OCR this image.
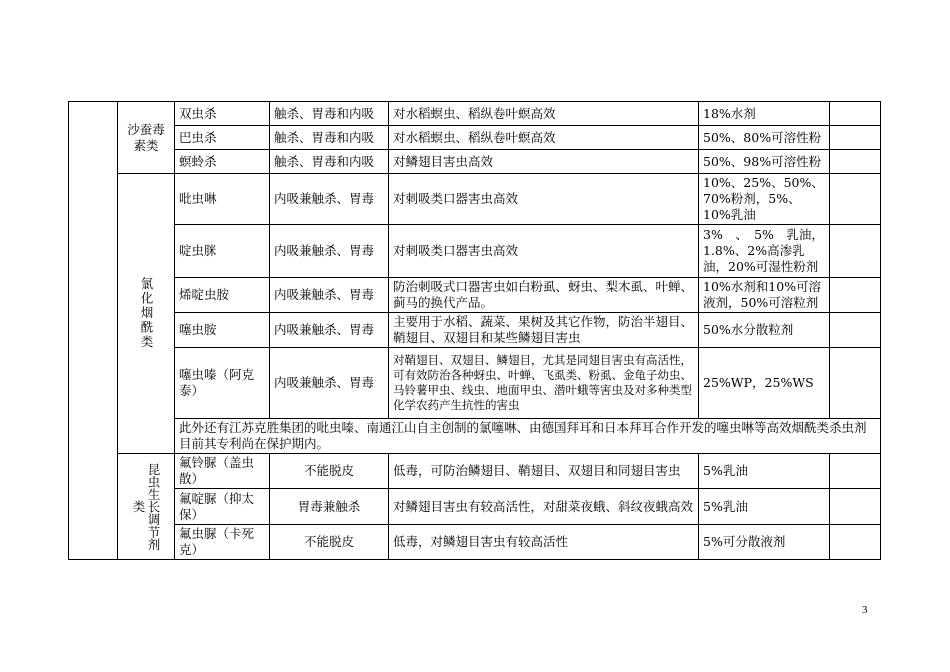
	沙蚕毒素类	双虫杀	触杀、胃毒和内吸	对水稻螟虫、稻纵卷叶螟高效	18%水剂	
		巴虫杀	触杀、胃毒和内吸	对水稻螟虫、稻纵卷叶螟高效	50%、80%可溶性粉	
		螟蛉杀	触杀、胃毒和内吸	对鳞翅目害虫高效	50%、98%可溶性粉	

	氯化烟酰类	吡虫啉	内吸兼触杀、胃毒	对刺吸类口器害虫高效	10%、25%、50%、70%粉剂，5%、10%乳油	
		啶虫脒	内吸兼触杀、胃毒	对刺吸类口器害虫高效	3%　、　5%　乳油，1.8%、2%高渗乳油，20%可湿性粉剂	
		烯啶虫胺	内吸兼触杀、胃毒	防治刺吸式口器害虫如白粉虱、蚜虫、梨木虱、叶蝉、蓟马的换代产品。	10%水剂和10%可溶液剂，50%可溶粒剂	
		噻虫胺	内吸兼触杀、胃毒	主要用于水稻、蔬菜、果树及其它作物，防治半翅目、鞘翅目、双翅目和某些鳞翅目害虫	50%水分散粒剂	
		噻虫嗪（阿克泰）	内吸兼触杀、胃毒	对鞘翅目、双翅目、鳞翅目，尤其是同翅目害虫有高活性，可有效防治各种蚜虫、叶蝉、飞虱类、粉虱、金龟子幼虫、马铃薯甲虫、线虫、地面甲虫、潜叶蛾等害虫及对多种类型化学农药产生抗性的害虫	25%WP，25%WS	
		此外还有江苏克胜集团的吡虫嗪、南通江山自主创制的氯噻啉、由德国拜耳和日本拜耳合作开发的噻虫啉等高效烟酰类杀虫剂目前其专利尚在保护期内。				

	昆虫生长调节剂类	氟铃脲（盖虫散）	不能脱皮	低毒，可防治鳞翅目、鞘翅目、双翅目和同翅目害虫	5%乳油	
		氟啶脲（抑太保）	胃毒兼触杀	对鳞翅目害虫有较高活性，对甜菜夜蛾、斜纹夜蛾高效	5%乳油	
		氟虫脲（卡死克）	不能脱皮	低毒，对鳞翅目害虫有较高活性	5%可分散液剂	
3
